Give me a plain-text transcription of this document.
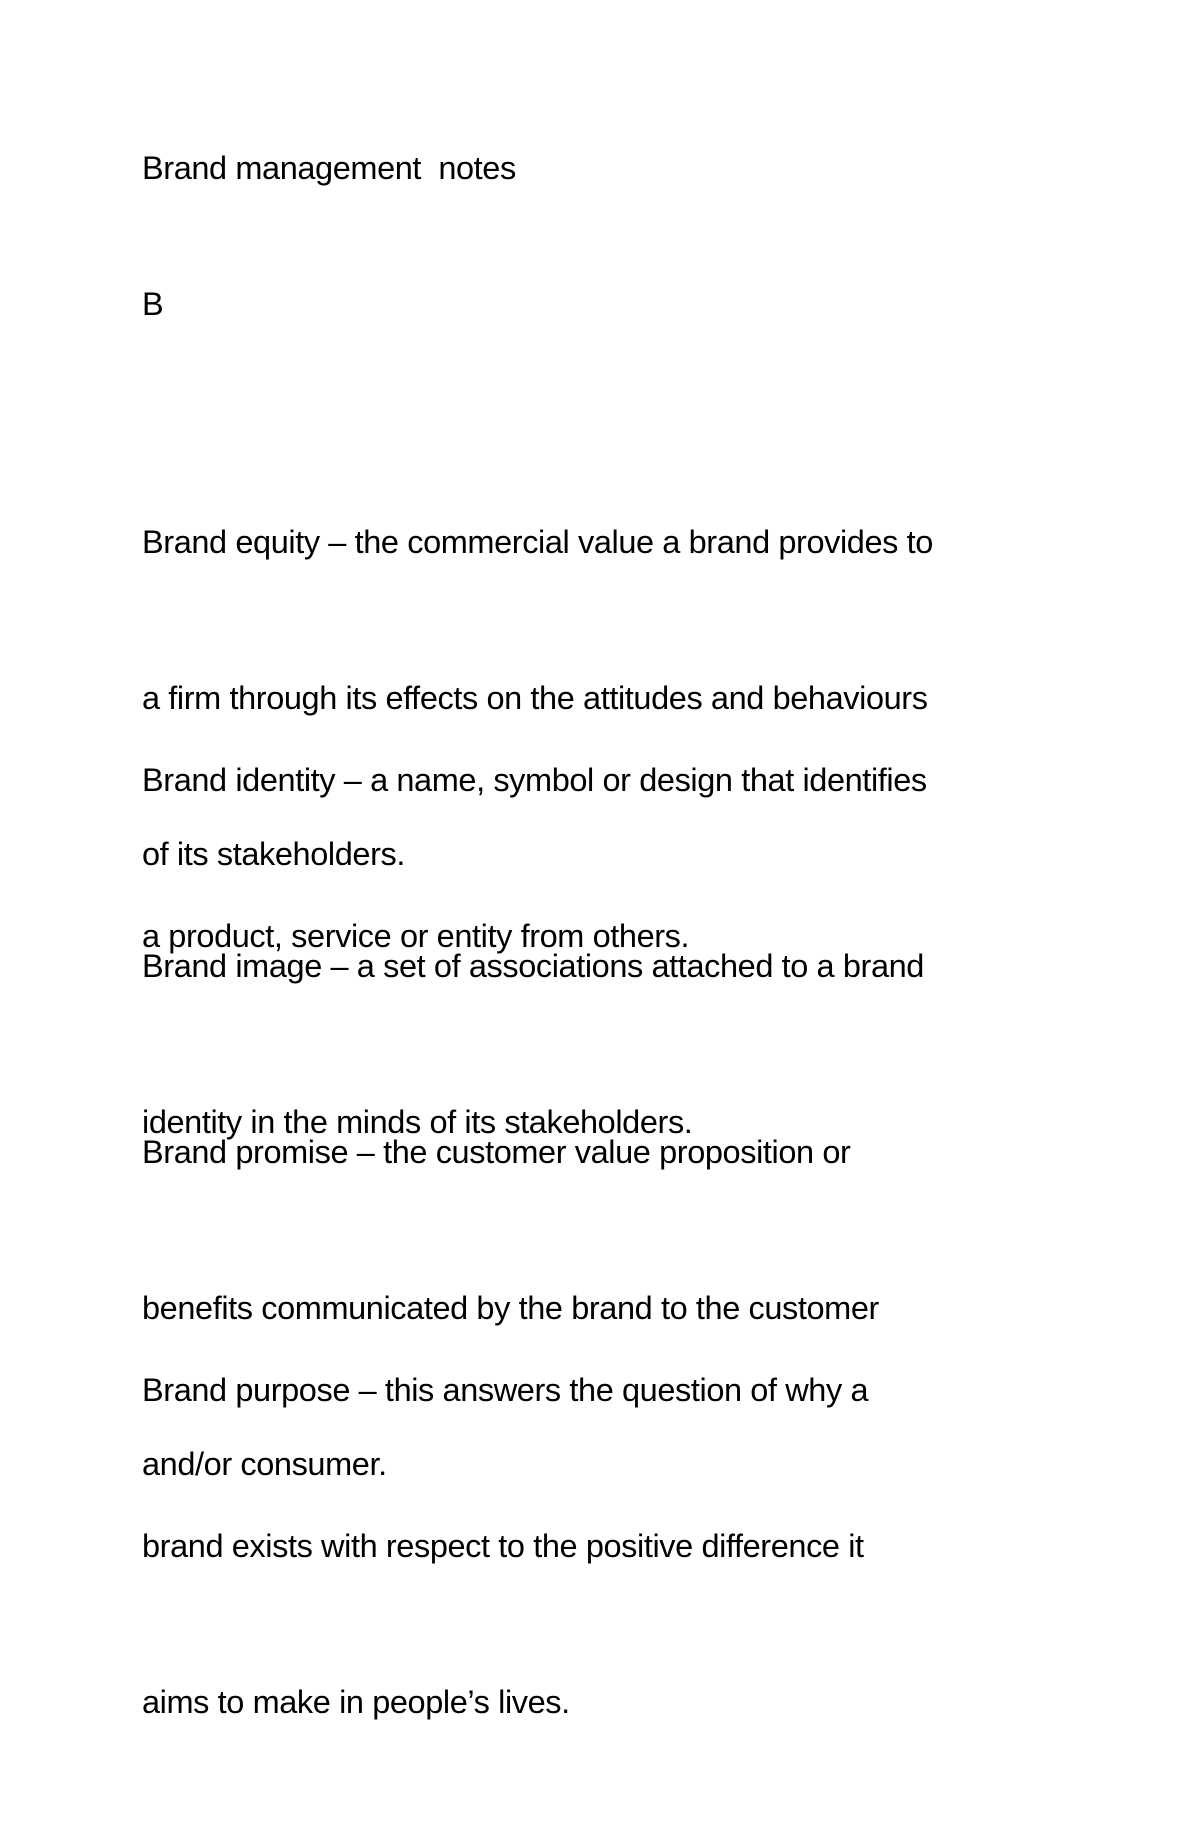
Brand management  notes

B

Brand equity – the commercial value a brand provides to

a firm through its effects on the attitudes and behaviours

of its stakeholders.

Brand identity – a name, symbol or design that identifies

a product, service or entity from others.

Brand image – a set of associations attached to a brand

identity in the minds of its stakeholders.

Brand promise – the customer value proposition or

benefits communicated by the brand to the customer

and/or consumer.

Brand purpose – this answers the question of why a

brand exists with respect to the positive difference it

aims to make in people’s lives.
